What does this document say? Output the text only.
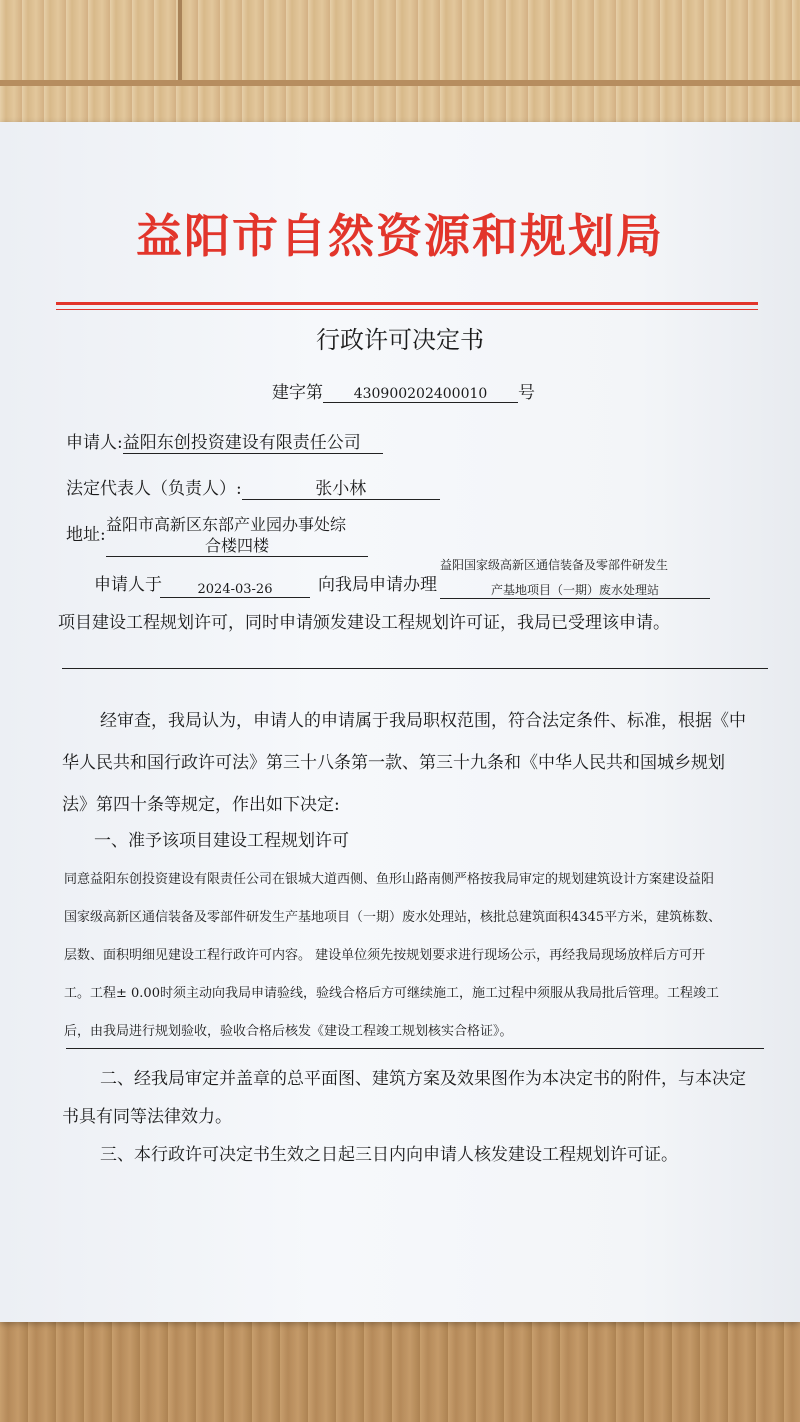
益阳市自然资源和规划局
行政许可决定书
建字第 430900202400010 号
申请人:益阳东创投资建设有限责任公司
法定代表人（负责人）:	张小林
地址:
益阳市高新区东部产业园办事处综
合楼四楼
申请人于	2024-03-26	向我局申请办理
益阳国家级高新区通信装备及零部件研发生
产基地项目（一期）废水处理站
项目建设工程规划许可，同时申请颁发建设工程规划许可证，我局已受理该申请。
经审查，我局认为，申请人的申请属于我局职权范围，符合法定条件、标准，根据《中
华人民共和国行政许可法》第三十八条第一款、第三十九条和《中华人民共和国城乡规划
法》第四十条等规定，作出如下决定:
一、准予该项目建设工程规划许可
同意益阳东创投资建设有限责任公司在银城大道西侧、鱼形山路南侧严格按我局审定的规划建筑设计方案建设益阳
国家级高新区通信装备及零部件研发生产基地项目（一期）废水处理站，核批总建筑面积4345平方米，建筑栋数、
层数、面积明细见建设工程行政许可内容。 建设单位须先按规划要求进行现场公示，再经我局现场放样后方可开
工。工程± 0.00时须主动向我局申请验线，验线合格后方可继续施工，施工过程中须服从我局批后管理。工程竣工
后，由我局进行规划验收，验收合格后核发《建设工程竣工规划核实合格证》。
二、经我局审定并盖章的总平面图、建筑方案及效果图作为本决定书的附件，与本决定
书具有同等法律效力。
三、本行政许可决定书生效之日起三日内向申请人核发建设工程规划许可证。
